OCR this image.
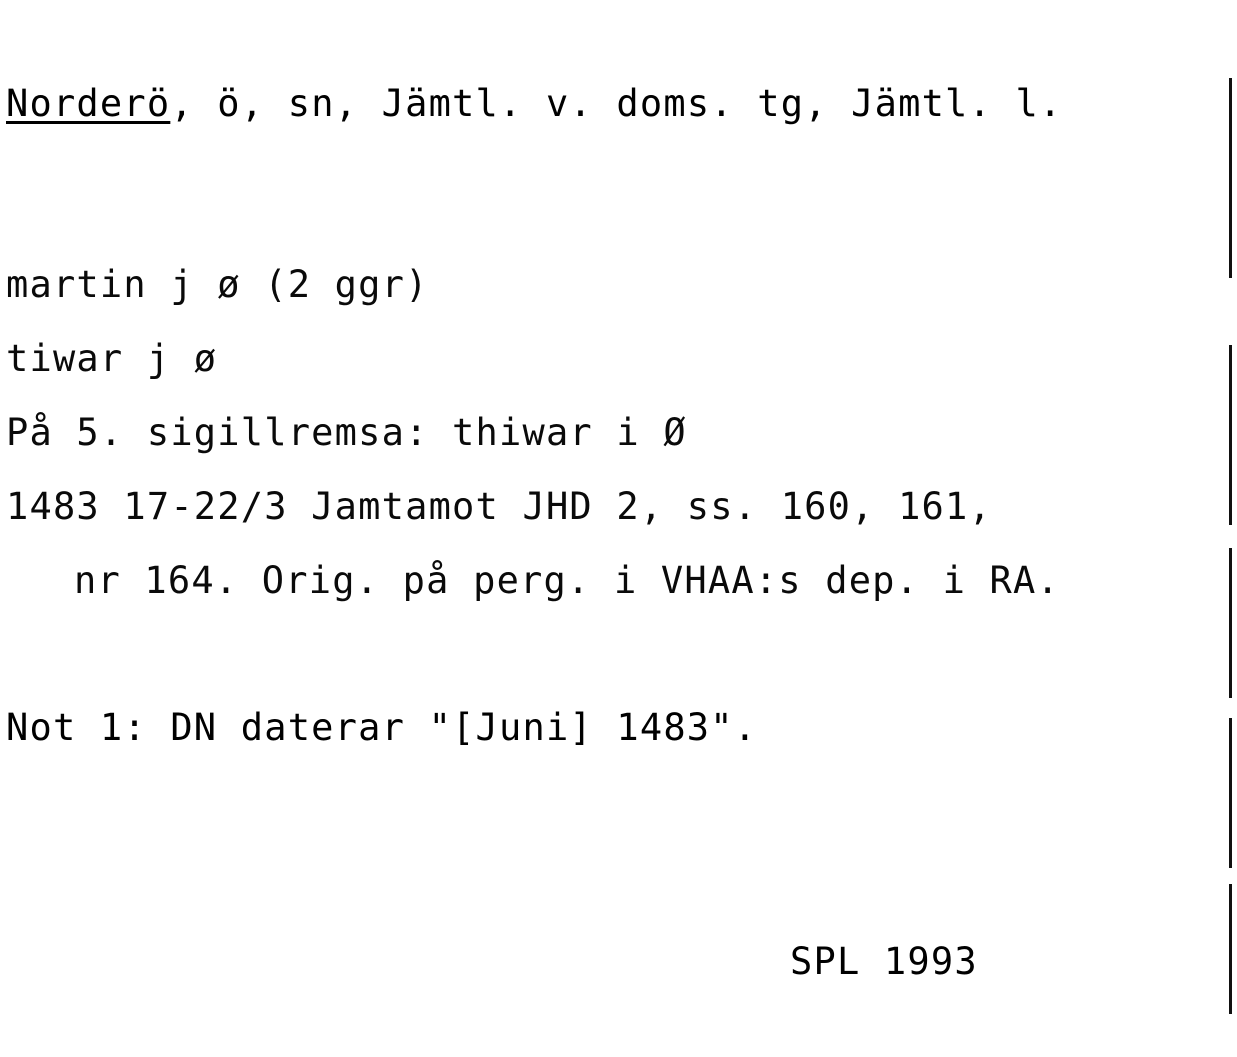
Norderö, ö, sn, Jämtl. v. doms. tg, Jämtl. l.
martin j ø (2 ggr)
tiwar j ø
På 5. sigillremsa: thiwar i Ø
1483 17-22/3 Jamtamot JHD 2, ss. 160, 161,
nr 164. Orig. på perg. i VHAA:s dep. i RA.
Not 1: DN daterar "[Juni] 1483".
SPL 1993
